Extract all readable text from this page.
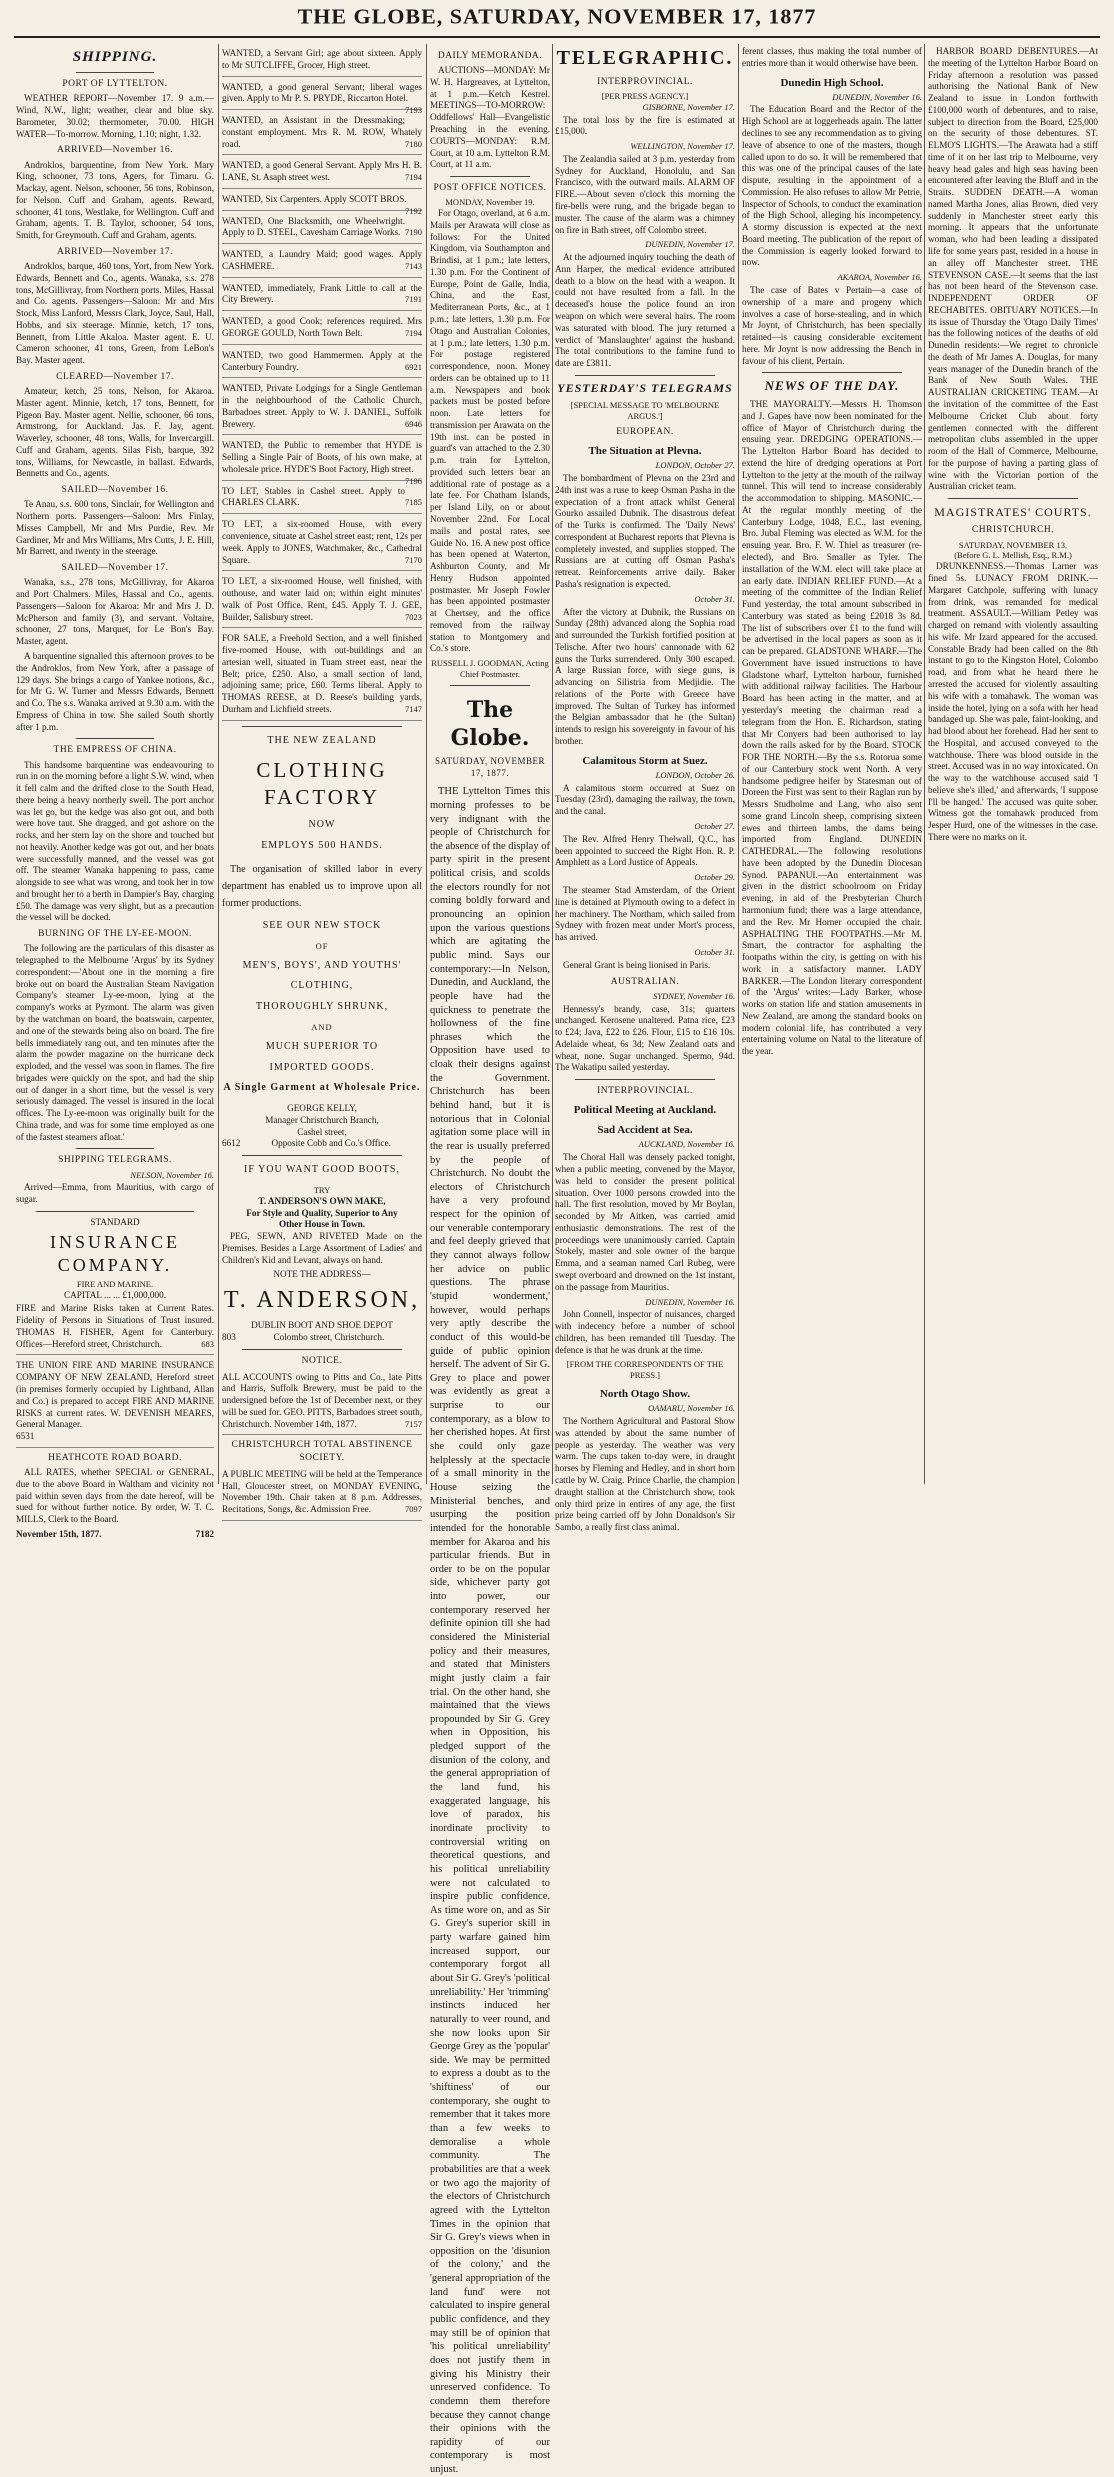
THE GLOBE, SATURDAY, NOVEMBER 17, 1877
SHIPPING.
PORT OF LYTTELTON.

WEATHER REPORT—November 17. 9 a.m.—Wind, N.W., light; weather, clear and blue sky. Barometer, 30.02; thermometer, 70.00. HIGH WATER—To-morrow. Morning, 1.10; night, 1.32.

ARRIVED—November 16.

Androklos, barquentine, from New York. Mary King, schooner, 73 tons, Agers, for Timaru. G. Mackay, agent. Nelson, schooner, 56 tons, Robinson, for Nelson. Cuff and Graham, agents. Reward, schooner, 41 tons, Westlake, for Wellington. Cuff and Graham, agents. T. B. Taylor, schooner, 54 tons, Smith, for Greymouth. Cuff and Graham, agents.

ARRIVED—November 17.

Androklos, barque, 460 tons, Yort, from New York. Edwards, Bennett and Co., agents. Wanaka, s.s. 278 tons, McGillivray, from Northern ports. Miles, Hassal and Co. agents. Passengers—Saloon: Mr and Mrs Stock, Miss Lanford, Messrs Clark, Joyce, Saul, Hall, Hobbs, and six steerage. Minnie, ketch, 17 tons, Bennett, from Little Akaloa. Master agent. E. U. Cameron schooner, 41 tons, Green, from LeBon's Bay. Master agent.

CLEARED—November 17.

Amateur, ketch, 25 tons, Nelson, for Akaroa. Master agent. Minnie, ketch, 17 tons, Bennett, for Pigeon Bay. Master agent. Nellie, schooner, 66 tons, Armstrong, for Auckland. Jas. F. Jay, agent. Waverley, schooner, 48 tons, Walls, for Invercargill. Cuff and Graham, agents. Silas Fish, barque, 392 tons, Williams, for Newcastle, in ballast. Edwards, Bennetts and Co., agents.

SAILED—November 16.

Te Anau, s.s. 600 tons, Sinclair, for Wellington and Northern ports. Passengers—Saloon: Mrs Finlay, Misses Campbell, Mr and Mrs Purdie, Rev. Mr Gardiner, Mr and Mrs Williams, Mrs Cutts, J. E. Hill, Mr Barrett, and twenty in the steerage.

SAILED—November 17.

Wanaka, s.s., 278 tons, McGillivray, for Akaroa and Port Chalmers. Miles, Hassal and Co., agents. Passengers—Saloon for Akaroa: Mr and Mrs J. D. McPherson and family (3), and servant. Voltaire, schooner, 27 tons, Marquet, for Le Bon's Bay. Master, agent.

A barquentine signalled this afternoon proves to be the Androklos, from New York, after a passage of 129 days. She brings a cargo of Yankee notions, &c., for Mr G. W. Turner and Messrs Edwards, Bennett and Co. The s.s. Wanaka arrived at 9.30 a.m. with the Empress of China in tow. She sailed South shortly after 1 p.m.

THE EMPRESS OF CHINA.

This handsome barquentine was endeavouring to run in on the morning before a light S.W. wind, when it fell calm and the drifted close to the South Head, there being a heavy northerly swell. The port anchor was let go, but the kedge was also got out, and both were hove taut. She dragged, and got ashore on the rocks, and her stern lay on the shore and touched but not heavily. Another kedge was got out, and her boats were successfully manned, and the vessel was got off. The steamer Wanaka happening to pass, came alongside to see what was wrong, and took her in tow and brought her to a berth in Dampier's Bay, charging £50. The damage was very slight, but as a precaution the vessel will be docked.

BURNING OF THE LY-EE-MOON.

The following are the particulars of this disaster as telegraphed to the Melbourne 'Argus' by its Sydney correspondent:—'About one in the morning a fire broke out on board the Australian Steam Navigation Company's steamer Ly-ee-moon, lying at the company's works at Pyrmont. The alarm was given by the watchman on board, the boatswain, carpenter, and one of the stewards being also on board. The fire bells immediately rang out, and ten minutes after the alarm the powder magazine on the hurricane deck exploded, and the vessel was soon in flames. The fire brigades were quickly on the spot, and had the ship out of danger in a short time, but the vessel is very seriously damaged. The vessel is insured in the local offices. The Ly-ee-moon was originally built for the China trade, and was for some time employed as one of the fastest steamers afloat.'

SHIPPING TELEGRAMS.
NELSON, November 16.

Arrived—Emma, from Mauritius, with cargo of sugar.

STANDARD
INSURANCE COMPANY.
FIRE AND MARINE.
CAPITAL ... ... £1,000,000.
FIRE and Marine Risks taken at Current Rates. Fidelity of Persons in Situations of Trust insured. THOMAS H. FISHER, Agent for Canterbury. Offices—Hereford street, Christchurch.	683
THE UNION FIRE AND MARINE INSURANCE COMPANY OF NEW ZEALAND, Hereford street (in premises formerly occupied by Lightband, Allan and Co.) is prepared to accept FIRE AND MARINE RISKS at current rates. W. DEVENISH MEARES, General Manager.
6531
HEATHCOTE ROAD BOARD.

ALL RATES, whether SPECIAL or GENERAL, due to the above Board in Waltham and vicinity not paid within seven days from the date hereof, will be sued for without further notice. By order, W. T. C. MILLS, Clerk to the Board.

November 15th, 1877.	7182
WANTED, a Servant Girl; age about sixteen. Apply to Mr SUTCLIFFE, Grocer, High street.
WANTED, a good general Servant; liberal wages given. Apply to Mr P. S. PRYDE, Riccarton Hotel.
7193
WANTED, an Assistant in the Dressmaking; constant employment. Mrs R. M. ROW, Whately road.	7180
WANTED, a good General Servant. Apply Mrs H. B. LANE, St. Asaph street west.	7194
WANTED, Six Carpenters. Apply SCOTT BROS.
7192
WANTED, One Blacksmith, one Wheelwright. Apply to D. STEEL, Cavesham Carriage Works. 7190
WANTED, a Laundry Maid; good wages. Apply CASHMERE.	7143
WANTED, immediately, Frank Little to call at the City Brewery.	7191
WANTED, a good Cook; references required. Mrs GEORGE GOULD, North Town Belt.	7194
WANTED, two good Hammermen. Apply at the Canterbury Foundry.	6921
WANTED, Private Lodgings for a Single Gentleman in the neighbourhood of the Catholic Church, Barbadoes street. Apply to W. J. DANIEL, Suffolk Brewery.	6946
WANTED, the Public to remember that HYDE is Selling a Single Pair of Boots, of his own make, at wholesale price. HYDE'S Boot Factory, High street.
7196
TO LET, Stables in Cashel street. Apply to CHARLES CLARK.	7185
TO LET, a six-roomed House, with every convenience, situate at Cashel street east; rent, 12s per week. Apply to JONES, Watchmaker, &c., Cathedral Square.	7170
TO LET, a six-roomed House, well finished, with outhouse, and water laid on; within eight minutes' walk of Post Office. Rent, £45. Apply T. J. GEE, Builder, Salisbury street.	7023
FOR SALE, a Freehold Section, and a well finished five-roomed House, with out-buildings and an artesian well, situated in Tuam street east, near the Belt; price, £250. Also, a small section of land, adjoining same; price, £60. Terms liberal. Apply to THOMAS REESE, at D. Reese's building yards, Durham and Lichfield streets.	7147
THE NEW ZEALAND
CLOTHING FACTORY
NOW
EMPLOYS 500 HANDS.

The organisation of skilled labor in every department has enabled us to improve upon all former productions.

SEE OUR NEW STOCK
OF
MEN'S, BOYS', AND YOUTHS'
CLOTHING,
THOROUGHLY SHRUNK,
AND
MUCH SUPERIOR TO
IMPORTED GOODS.
A Single Garment at Wholesale Price.
GEORGE KELLY,
Manager Christchurch Branch,
Cashel street,
6612	Opposite Cobb and Co.'s Office.
IF YOU WANT GOOD BOOTS,
TRY
T. ANDERSON'S OWN MAKE,
For Style and Quality, Superior to Any
Other House in Town.

PEG, SEWN, AND RIVETED Made on the Premises. Besides a Large Assortment of Ladies' and Children's Kid and Levant, always on hand.

NOTE THE ADDRESS—
T. ANDERSON,
DUBLIN BOOT AND SHOE DEPOT
803	Colombo street, Christchurch.
NOTICE.
ALL ACCOUNTS owing to Pitts and Co., late Pitts and Harris, Suffolk Brewery, must be paid to the undersigned before the 1st of December next, or they will be sued for. GEO. PITTS, Barbadoes street south, Christchurch. November 14th, 1877.	7157
CHRISTCHURCH TOTAL ABSTINENCE SOCIETY.
A PUBLIC MEETING will be held at the Temperance Hall, Gloucester street, on MONDAY EVENING, November 19th. Chair taken at 8 p.m. Addresses, Recitations, Songs, &c. Admission Free.	7097
DAILY MEMORANDA.

AUCTIONS—MONDAY: Mr W. H. Hargreaves, at Lyttelton, at 1 p.m.—Ketch Kestrel. MEETINGS—TO-MORROW: Oddfellows' Hall—Evangelistic Preaching in the evening. COURTS—MONDAY: R.M. Court, at 10 a.m. Lyttelton R.M. Court, at 11 a.m.

POST OFFICE NOTICES.
MONDAY, November 19.

For Otago, overland, at 6 a.m. Mails per Arawata will close as follows: For the United Kingdom, via Southampton and Brindisi, at 1 p.m.; late letters, 1.30 p.m. For the Continent of Europe, Point de Galle, India, China, and the East, Mediterranean Ports, &c., at 1 p.m.; late letters, 1.30 p.m. For Otago and Australian Colonies, at 1 p.m.; late letters, 1.30 p.m. For postage registered correspondence, noon. Money orders can be obtained up to 11 a.m. Newspapers and book packets must be posted before noon. Late letters for transmission per Arawata on the 19th inst. can be posted in guard's van attached to the 2.30 p.m. train for Lyttelton, provided such letters bear an additional rate of postage as a late fee. For Chatham Islands, per Island Lily, on or about November 22nd. For Local mails and postal rates, see Guide No. 16. A new post office has been opened at Waterton, Ashburton County, and Mr Henry Hudson appointed postmaster. Mr Joseph Fowler has been appointed postmaster at Chertsey, and the office removed from the railway station to Montgomery and Co.'s store.

RUSSELL J. GOODMAN, Acting Chief Postmaster.
The Globe.
SATURDAY, NOVEMBER 17, 1877.

THE Lyttelton Times this morning professes to be very indignant with the people of Christchurch for the absence of the display of party spirit in the present political crisis, and scolds the electors roundly for not coming boldly forward and pronouncing an opinion upon the various questions which are agitating the public mind. Says our contemporary:—In Nelson, Dunedin, and Auckland, the people have had the quickness to penetrate the hollowness of the fine phrases which the Opposition have used to cloak their designs against the Government. Christchurch has been behind hand, but it is notorious that in Colonial agitation some place will in the rear is usually preferred by the people of Christchurch. No doubt the electors of Christchurch have a very profound respect for the opinion of our venerable contemporary and feel deeply grieved that they cannot always follow her advice on public questions. The phrase 'stupid wonderment,' however, would perhaps very aptly describe the conduct of this would-be guide of public opinion herself. The advent of Sir G. Grey to place and power was evidently as great a surprise to our contemporary, as a blow to her cherished hopes. At first she could only gaze helplessly at the spectacle of a small minority in the House seizing the Ministerial benches, and usurping the position intended for the honorable member for Akaroa and his particular friends. But in order to be on the popular side, whichever party got into power, our contemporary reserved her definite opinion till she had considered the Ministerial policy and their measures, and stated that Ministers might justly claim a fair trial. On the other hand, she maintained that the views propounded by Sir G. Grey when in Opposition, his pledged support of the disunion of the colony, and the general appropriation of the land fund, his exaggerated language, his love of paradox, his inordinate proclivity to controversial writing on theoretical questions, and his political unreliability were not calculated to inspire public confidence. As time wore on, and as Sir G. Grey's superior skill in party warfare gained him increased support, our contemporary forgot all about Sir G. Grey's 'political unreliability.' Her 'trimming' instincts induced her naturally to veer round, and she now looks upon Sir George Grey as the 'popular' side. We may be permitted to express a doubt as to the 'shiftiness' of our contemporary, she ought to remember that it takes more than a few weeks to demoralise a whole community. The probabilities are that a week or two ago the majority of the electors of Christchurch agreed with the Lyttelton Times in the opinion that Sir G. Grey's views when in opposition on the 'disunion of the colony,' and the 'general appropriation of the land fund' were not calculated to inspire general public confidence, and they may still be of opinion that 'his political unreliability' does not justify them in giving his Ministry their unreserved confidence. To condemn them therefore because they cannot change their opinions with the rapidity of our contemporary is most unjust.

TELEGRAPHIC.
INTERPROVINCIAL.
[PER PRESS AGENCY.]
GISBORNE, November 17.

The total loss by the fire is estimated at £15,000.

WELLINGTON, November 17.

The Zealandia sailed at 3 p.m. yesterday from Sydney for Auckland, Honolulu, and San Francisco, with the outward mails. ALARM OF FIRE.—About seven o'clock this morning the fire-bells were rung, and the brigade began to muster. The cause of the alarm was a chimney on fire in Bath street, off Colombo street.

DUNEDIN, November 17.

At the adjourned inquiry touching the death of Ann Harper, the medical evidence attributed death to a blow on the head with a weapon. It could not have resulted from a fall. In the deceased's house the police found an iron weapon on which were several hairs. The room was saturated with blood. The jury returned a verdict of 'Manslaughter' against the husband. The total contributions to the famine fund to date are £3811.

YESTERDAY'S TELEGRAMS
[SPECIAL MESSAGE TO 'MELBOURNE ARGUS.']
EUROPEAN.
The Situation at Plevna.
LONDON, October 27.

The bombardment of Plevna on the 23rd and 24th inst was a ruse to keep Osman Pasha in the expectation of a front attack whilst General Gourko assailed Dubnik. The disastrous defeat of the Turks is confirmed. The 'Daily News' correspondent at Bucharest reports that Plevna is completely invested, and supplies stopped. The Russians are at cutting off Osman Pasha's retreat. Reinforcements arrive daily. Baker Pasha's resignation is expected.

October 31.

After the victory at Dubnik, the Russians on Sunday (28th) advanced along the Sophia road and surrounded the Turkish fortified position at Telische. After two hours' cannonade with 62 guns the Turks surrendered. Only 300 escaped. A large Russian force, with siege guns, is advancing on Silistria from Medjidie. The relations of the Porte with Greece have improved. The Sultan of Turkey has informed the Belgian ambassador that he (the Sultan) intends to resign his sovereignty in favour of his brother.

Calamitous Storm at Suez.
LONDON, October 26.

A calamitous storm occurred at Suez on Tuesday (23rd), damaging the railway, the town, and the canal.

October 27.

The Rev. Alfred Henry Thelwall, Q.C., has been appointed to succeed the Right Hon. R. P. Amphlett as a Lord Justice of Appeals.

October 29.

The steamer Stad Amsterdam, of the Orient line is detained at Plymouth owing to a defect in her machinery. The Northam, which sailed from Sydney with frozen meat under Mort's process, has arrived.

October 31.

General Grant is being lionised in Paris.

AUSTRALIAN.
SYDNEY, November 16.

Hennessy's brandy, case, 31s; quarters unchanged. Kerosene unaltered. Patna rice, £23 to £24; Java, £22 to £26. Flour, £15 to £16 10s. Adelaide wheat, 6s 3d; New Zealand oats and wheat, none. Sugar unchanged. Spermo, 94d. The Wakatipu sailed yesterday.

INTERPROVINCIAL.
Political Meeting at Auckland.
Sad Accident at Sea.
AUCKLAND, November 16.

The Choral Hall was densely packed tonight, when a public meeting, convened by the Mayor, was held to consider the present political situation. Over 1000 persons crowded into the hall. The first resolution, moved by Mr Boylan, seconded by Mr Aitken, was carried amid enthusiastic demonstrations. The rest of the proceedings were unanimously carried. Captain Stokely, master and sole owner of the barque Emma, and a seaman named Carl Rubeg, were swept overboard and drowned on the 1st instant, on the passage from Mauritius.

DUNEDIN, November 16.

John Connell, inspector of nuisances, charged with indecency before a number of school children, has been remanded till Tuesday. The defence is that he was drunk at the time.

[FROM THE CORRESPONDENTS OF THE PRESS.]
North Otago Show.
OAMARU, November 16.

The Northern Agricultural and Pastoral Show was attended by about the same number of people as yesterday. The weather was very warm. The cups taken to-day were, in draught horses by Fleming and Hedley, and in short horn cattle by W. Craig. Prince Charlie, the champion draught stallion at the Christchurch show, took only third prize in entires of any age, the first prize being carried off by John Donaldson's Sir Sambo, a really first class animal.

ferent classes, thus making the total number of entries more than it would otherwise have been.

Dunedin High School.
DUNEDIN, November 16.

The Education Board and the Rector of the High School are at loggerheads again. The latter declines to see any recommendation as to giving leave of absence to one of the masters, though called upon to do so. It will be remembered that this was one of the principal causes of the late dispute, resulting in the appointment of a Commission. He also refuses to allow Mr Petrie, Inspector of Schools, to conduct the examination of the High School, alleging his incompetency. A stormy discussion is expected at the next Board meeting. The publication of the report of the Commission is eagerly looked forward to now.

AKAROA, November 16.

The case of Bates v Pertain—a case of ownership of a mare and progeny which involves a case of horse-stealing, and in which Mr Joynt, of Christchurch, has been specially retained—is causing considerable excitement here. Mr Joynt is now addressing the Bench in favour of his client, Pertain.

NEWS OF THE DAY.

THE MAYORALTY.—Messrs H. Thomson and J. Gapes have now been nominated for the office of Mayor of Christchurch during the ensuing year. DREDGING OPERATIONS.—The Lyttelton Harbor Board has decided to extend the hire of dredging operations at Port Lyttelton to the jetty at the mouth of the railway tunnel. This will tend to increase considerably the accommodation to shipping. MASONIC.—At the regular monthly meeting of the Canterbury Lodge, 1048, E.C., last evening, Bro. Jubal Fleming was elected as W.M. for the ensuing year. Bro. F. W. Thiel as treasurer (re-elected), and Bro. Smaller as Tyler. The installation of the W.M. elect will take place at an early date. INDIAN RELIEF FUND.—At a meeting of the committee of the Indian Relief Fund yesterday, the total amount subscribed in Canterbury was stated as being £2018 3s 8d. The list of subscribers over £1 to the fund will be advertised in the local papers as soon as it can be prepared. GLADSTONE WHARF.—The Government have issued instructions to have Gladstone wharf, Lyttelton harbour, furnished with additional railway facilities. The Harbour Board has been acting in the matter, and at yesterday's meeting the chairman read a telegram from the Hon. E. Richardson, stating that Mr Conyers had been authorised to lay down the rails asked for by the Board. STOCK FOR THE NORTH.—By the s.s. Rotorua some of our Canterbury stock went North. A very handsome pedigree heifer by Statesman out of Doreen the First was sent to their Raglan run by Messrs Studholme and Lang, who also sent some grand Lincoln sheep, comprising sixteen ewes and thirteen lambs, the dams being imported from England. DUNEDIN CATHEDRAL.—The following resolutions have been adopted by the Dunedin Diocesan Synod. PAPANUI.—An entertainment was given in the district schoolroom on Friday evening, in aid of the Presbyterian Church harmonium fund; there was a large attendance, and the Rev. Mr Horner occupied the chair. ASPHALTING THE FOOTPATHS.—Mr M. Smart, the contractor for asphalting the footpaths within the city, is getting on with his work in a satisfactory manner. LADY BARKER.—The London literary correspondent of the 'Argus' writes:—Lady Barker, whose works on station life and station amusements in New Zealand, are among the standard books on modern colonial life, has contributed a very entertaining volume on Natal to the literature of the year.

HARBOR BOARD DEBENTURES.—At the meeting of the Lyttelton Harbor Board on Friday afternoon a resolution was passed authorising the National Bank of New Zealand to issue in London forthwith £100,000 worth of debentures, and to raise, subject to direction from the Board, £25,000 on the security of those debentures. ST. ELMO'S LIGHTS.—The Arawata had a stiff time of it on her last trip to Melbourne, very heavy head gales and high seas having been encountered after leaving the Bluff and in the Straits. SUDDEN DEATH.—A woman named Martha Jones, alias Brown, died very suddenly in Manchester street early this morning. It appears that the unfortunate woman, who had been leading a dissipated life for some years past, resided in a house in an alley off Manchester street. THE STEVENSON CASE.—It seems that the last has not been heard of the Stevenson case. INDEPENDENT ORDER OF RECHABITES. OBITUARY NOTICES.—In its issue of Thursday the 'Otago Daily Times' has the following notices of the deaths of old Dunedin residents:—We regret to chronicle the death of Mr James A. Douglas, for many years manager of the Dunedin branch of the Bank of New South Wales. THE AUSTRALIAN CRICKETING TEAM.—At the invitation of the committee of the East Melbourne Cricket Club about forty gentlemen connected with the different metropolitan clubs assembled in the upper room of the Hall of Commerce, Melbourne, for the purpose of having a parting glass of wine with the Victorian portion of the Australian cricket team.

MAGISTRATES' COURTS.
CHRISTCHURCH.
SATURDAY, NOVEMBER 13.
(Before G. L. Mellish, Esq., R.M.)

DRUNKENNESS.—Thomas Larner was fined 5s. LUNACY FROM DRINK.—Margaret Catchpole, suffering with lunacy from drink, was remanded for medical treatment. ASSAULT.—William Petley was charged on remand with violently assaulting his wife. Mr Izard appeared for the accused. Constable Brady had been called on the 8th instant to go to the Kingston Hotel, Colombo road, and from what he heard there he arrested the accused for violently assaulting his wife with a tomahawk. The woman was inside the hotel, lying on a sofa with her head bandaged up. She was pale, faint-looking, and had blood about her forehead. Had her sent to the Hospital, and accused conveyed to the watchhouse. There was blood outside in the street. Accused was in no way intoxicated. On the way to the watchhouse accused said 'I believe she's illed,' and afterwards, 'I suppose I'll be hanged.' The accused was quite sober. Witness got the tomahawk produced from Jesper Hurd, one of the witnesses in the case. There were no marks on it.
